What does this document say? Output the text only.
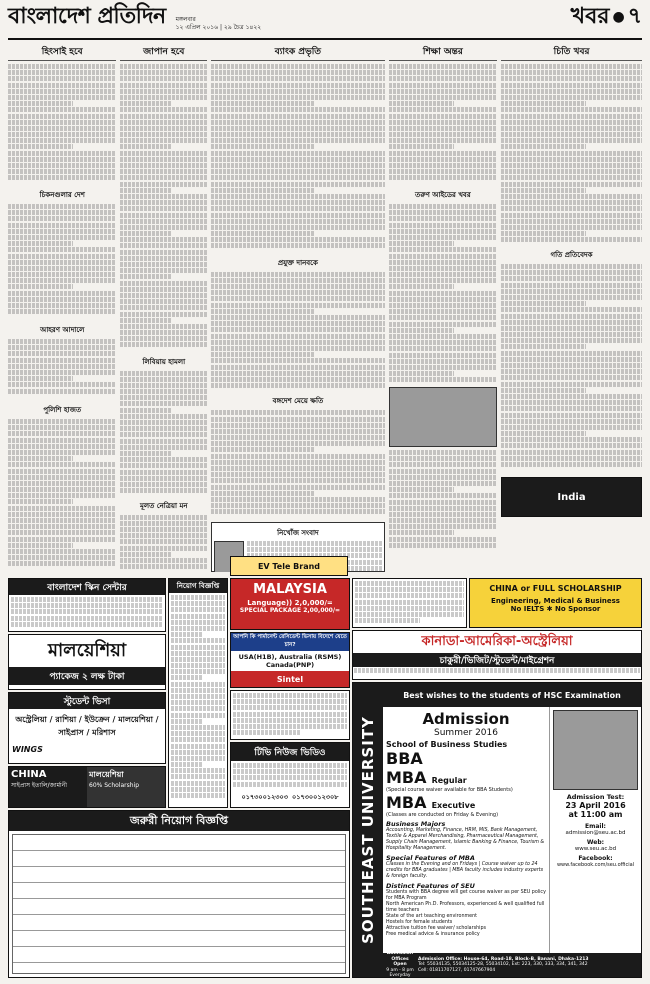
বাংলাদেশ প্রতিদিন মঙ্গলবার
১২ এপ্রিল ২০১৬ | ২৯ চৈত্র ১৪২২	খবর ● ৭
হিংসাই হবে
চিকনগুলার দেশ
আহরণ আদালে
পুলিশি হাজত
জাপান হবে
লিবিয়ায় হামলা
মূলত নেত্রিয়া মন
ব্যাংক প্রভৃতি
প্রযুক্ত দানবকে
বঙ্গদেশ মেয়ে ক্ষতি
নিখোঁজ সংবাদ
শিক্ষা অন্তর
তরুণ আইডের খবর
চিতি খবর
গতি প্রতিবেদক
India
বাংলাদেশ স্কিন সেন্টার
মালয়েশিয়া
প্যাকেজ ২ লক্ষ টাকা
স্টুডেন্ট ভিসা
অস্ট্রেলিয়া / রাশিয়া / ইউক্রেন / মালয়েশিয়া / সাইপ্রাস / মরিশাস
WINGS
CHINA
সাইপ্রাস ইতালি/জার্মানী
মালয়েশিয়া
60% Scholarship
জরুরী নিয়োগ বিজ্ঞপ্তি
নিয়োগ বিজ্ঞপ্তি
EV Tele Brand
MALAYSIA
Language)) 2,0,000/=
SPECIAL PACKAGE 2,00,000/=
আপনি কি পার্মানেন্ট রেসিডেন্ট ভিসায় বিদেশে যেতে চান?
USA(H1B), Australia (RSMS) Canada(PNP)
Sintel
টিভি নিউজ ভিডিও
০১৭৩০০১২৩০৩ ০১৭৩০০১২৩০৮
CHINA or FULL SCHOLARSHIP
Engineering, Medical & Business
No IELTS ✱ No Sponsor
কানাডা-আমেরিকা-অস্ট্রেলিয়া
চাকুরী/ভিজিট/স্টুডেন্ট/মাইগ্রেশন
SOUTHEAST UNIVERSITY
Best wishes to the students of HSC Examination
Admission
Summer 2016
School of Business Studies
BBA
MBA Regular
(Special course waiver available for BBA Students)
MBA Executive
(Classes are conducted on Friday & Evening)
Business Majors
Accounting, Marketing, Finance, HRM, MIS, Bank Management, Textile & Apparel Merchandising, Pharmaceutical Management, Supply Chain Management, Islamic Banking & Finance, Tourism & Hospitality Management.
Special Features of MBA
Classes in the Evening and on Fridays | Course waiver up to 24 credits for BBA graduates | MBA faculty includes industry experts & foreign faculty.
Distinct Features of SEU
Students with BBA degree will get course waiver as per SEU policy for MBA Program
North American Ph.D. Professors, experienced & well qualified full time teachers
State of the art teaching environment
Hostels for female students
Attractive tuition fee waiver/ scholarships
Free medical advice & insurance policy
Admission Test:
23 April 2016
at 11:00 am
Email:
admission@seu.ac.bd
Web:
www.seu.ac.bd
Facebook:
www.facebook.com/seu.official
Admission Offices Open
9 am - 8 pm Everyday
Admission Office: House-64, Road-18, Block-B, Banani, Dhaka-1213
Tel: 55034135, 55034125-28, 55034102, Ext: 223, 330, 333, 334, 341, 342
Cell: 01811707127, 01747667904
